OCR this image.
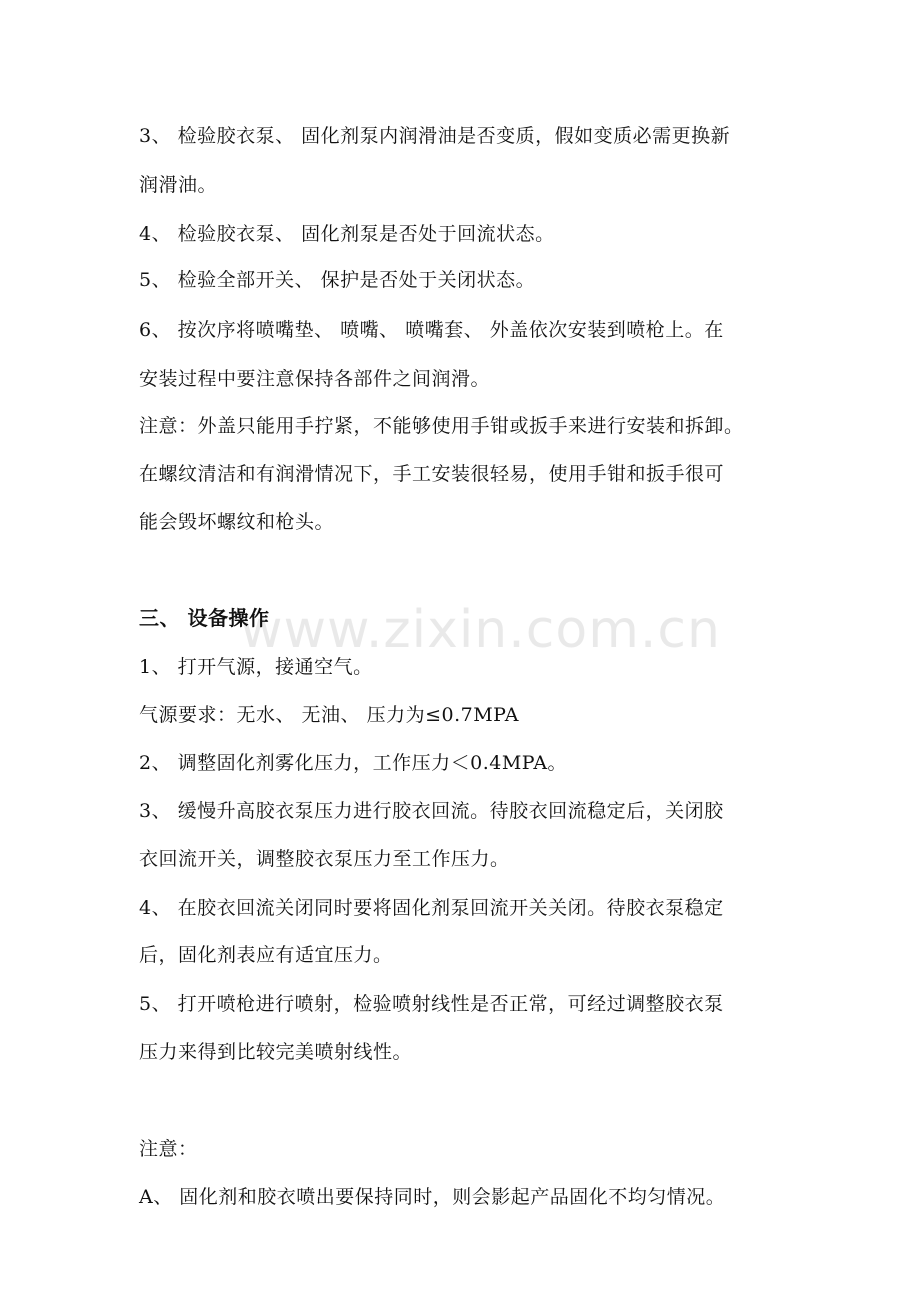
www.zixin.com.cn
3、 检验胶衣泵、 固化剂泵内润滑油是否变质，假如变质必需更换新
润滑油。
4、 检验胶衣泵、 固化剂泵是否处于回流状态。
5、 检验全部开关、 保护是否处于关闭状态。
6、 按次序将喷嘴垫、 喷嘴、 喷嘴套、 外盖依次安装到喷枪上。在
安装过程中要注意保持各部件之间润滑。
注意：外盖只能用手拧紧，不能够使用手钳或扳手来进行安装和拆卸。
在螺纹清洁和有润滑情况下，手工安装很轻易，使用手钳和扳手很可
能会毁坏螺纹和枪头。
三、 设备操作
1、 打开气源，接通空气。
气源要求：无水、 无油、 压力为≤0.7MPA
2、 调整固化剂雾化压力，工作压力＜0.4MPA。
3、 缓慢升高胶衣泵压力进行胶衣回流。待胶衣回流稳定后，关闭胶
衣回流开关，调整胶衣泵压力至工作压力。
4、 在胶衣回流关闭同时要将固化剂泵回流开关关闭。待胶衣泵稳定
后，固化剂表应有适宜压力。
5、 打开喷枪进行喷射，检验喷射线性是否正常，可经过调整胶衣泵
压力来得到比较完美喷射线性。
注意：
A、 固化剂和胶衣喷出要保持同时，则会影起产品固化不均匀情况。
